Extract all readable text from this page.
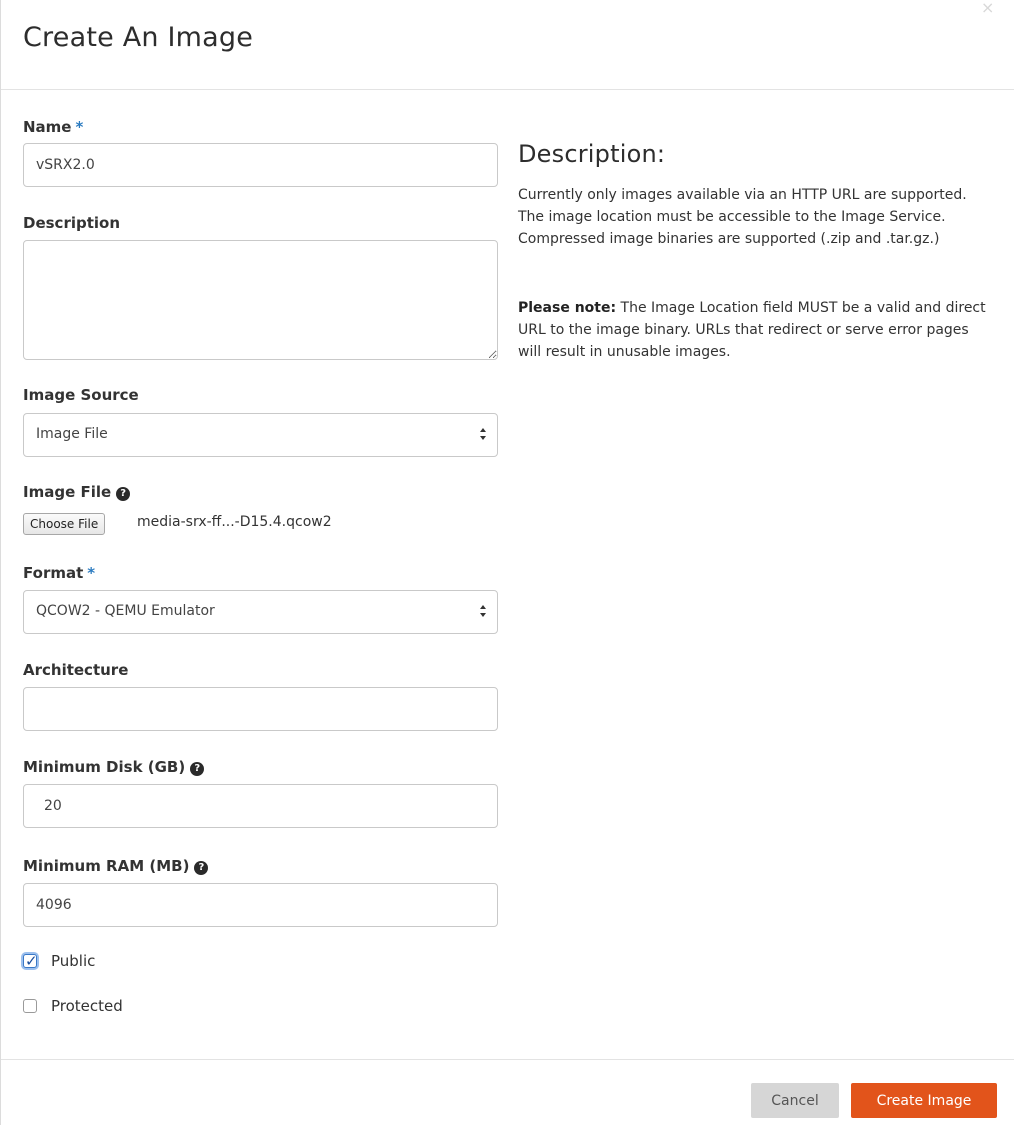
Create An Image
×
Name *
vSRX2.0
Description
Image Source
Image File
Image File ?
Choose File	media-srx-ff...-D15.4.qcow2
Format *
QCOW2 - QEMU Emulator
Architecture
Minimum Disk (GB) ?
20
Minimum RAM (MB) ?
4096
✓ Public
Protected
Description:

Currently only images available via an HTTP URL are supported. The image location must be accessible to the Image Service. Compressed image binaries are supported (.zip and .tar.gz.)

Please note: The Image Location field MUST be a valid and direct URL to the image binary. URLs that redirect or serve error pages will result in unusable images.

Cancel	Create Image
